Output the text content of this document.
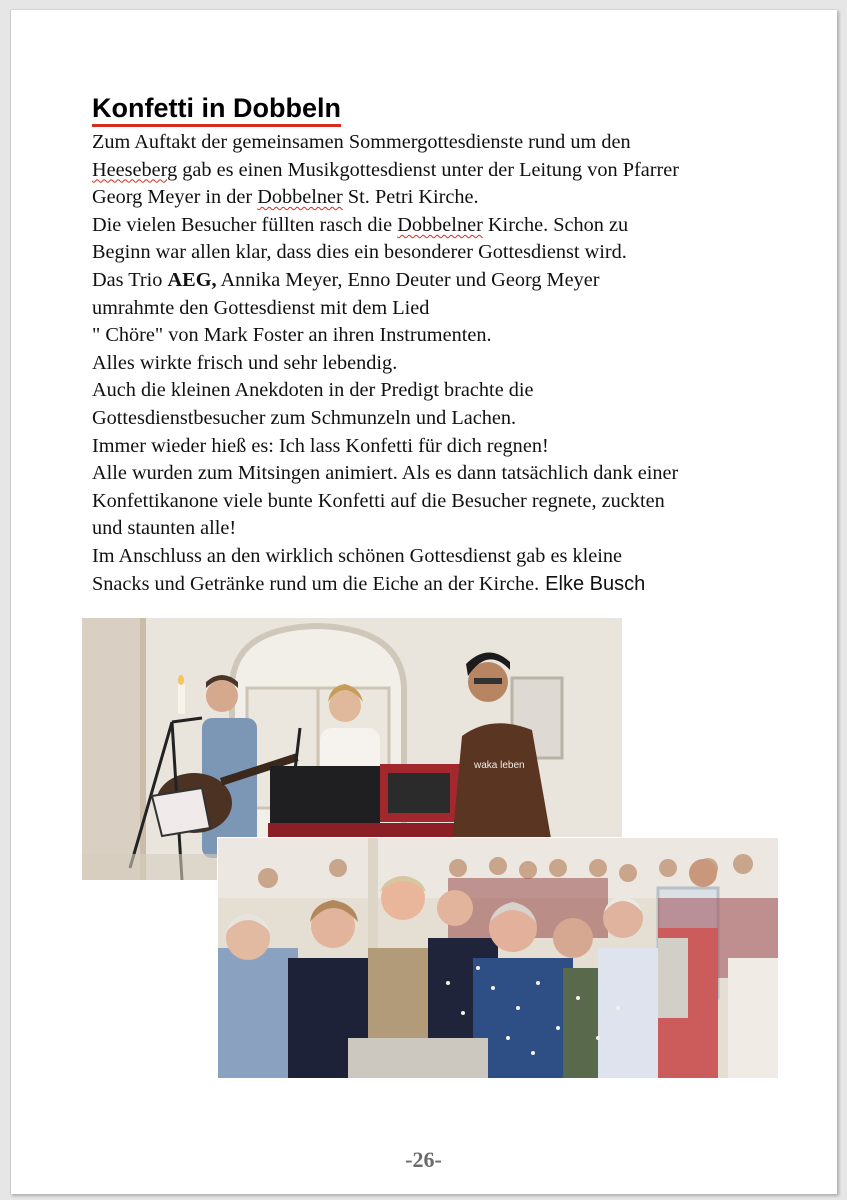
Konfetti in Dobbeln
Zum Auftakt der gemeinsamen Sommergottesdienste rund um den
Heeseberg gab es einen Musikgottesdienst unter der Leitung von Pfarrer
Georg Meyer in der Dobbelner St. Petri Kirche.
Die vielen Besucher füllten rasch die Dobbelner Kirche. Schon zu
Beginn war allen klar, dass dies ein besonderer Gottesdienst wird.
Das Trio AEG, Annika Meyer, Enno Deuter und Georg Meyer
umrahmte den Gottesdienst mit dem Lied
" Chöre" von Mark Foster an ihren Instrumenten.
Alles wirkte frisch und sehr lebendig.
Auch die kleinen Anekdoten in der Predigt brachte die
Gottesdienstbesucher zum Schmunzeln und Lachen.
Immer wieder hieß es: Ich lass Konfetti für dich regnen!
Alle wurden zum Mitsingen animiert. Als es dann tatsächlich dank einer
Konfettikanone viele bunte Konfetti auf die Besucher regnete, zuckten
und staunten alle!
Im Anschluss an den wirklich schönen Gottesdienst gab es kleine
Snacks und Getränke rund um die Eiche an der Kirche. Elke Busch
waka leben
-26-
